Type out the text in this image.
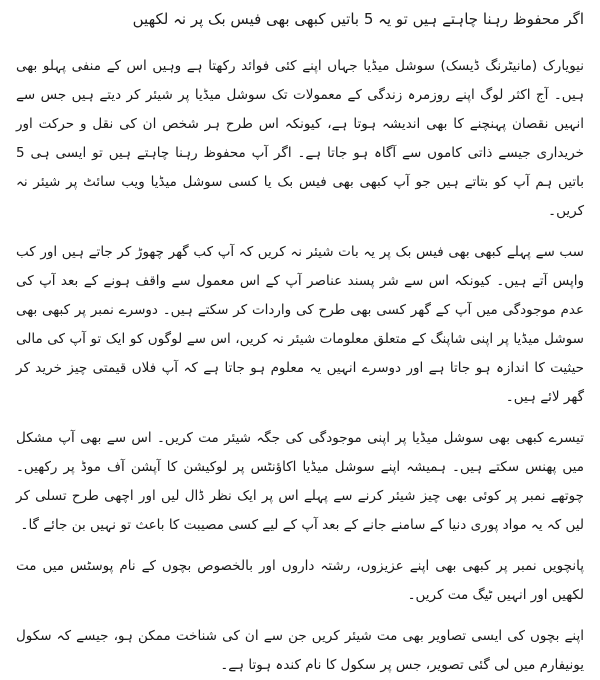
اگر محفوظ رہنا چاہتے ہیں تو یہ 5 باتیں کبھی بھی فیس بک پر نہ لکھیں

نیویارک (مانیٹرنگ ڈیسک) سوشل میڈیا جہاں اپنے کئی فوائد رکھتا ہے وہیں اس کے منفی پہلو بھی ہیں۔ آج اکثر لوگ اپنے روزمرہ زندگی کے معمولات تک سوشل میڈیا پر شیئر کر دیتے ہیں جس سے انہیں نقصان پہنچنے کا بھی اندیشہ ہوتا ہے، کیونکہ اس طرح ہر شخص ان کی نقل و حرکت اور خریداری جیسے ذاتی کاموں سے آگاہ ہو جاتا ہے۔ اگر آپ محفوظ رہنا چاہتے ہیں تو ایسی ہی 5 باتیں ہم آپ کو بتاتے ہیں جو آپ کبھی بھی فیس بک یا کسی سوشل میڈیا ویب سائٹ پر شیئر نہ کریں۔

سب سے پہلے کبھی بھی فیس بک پر یہ بات شیئر نہ کریں کہ آپ کب گھر چھوڑ کر جاتے ہیں اور کب واپس آتے ہیں۔ کیونکہ اس سے شر پسند عناصر آپ کے اس معمول سے واقف ہونے کے بعد آپ کی عدم موجودگی میں آپ کے گھر کسی بھی طرح کی واردات کر سکتے ہیں۔ دوسرے نمبر پر کبھی بھی سوشل میڈیا پر اپنی شاپنگ کے متعلق معلومات شیئر نہ کریں، اس سے لوگوں کو ایک تو آپ کی مالی حیثیت کا اندازہ ہو جاتا ہے اور دوسرے انہیں یہ معلوم ہو جاتا ہے کہ آپ فلاں قیمتی چیز خرید کر گھر لائے ہیں۔

تیسرے کبھی بھی سوشل میڈیا پر اپنی موجودگی کی جگہ شیئر مت کریں۔ اس سے بھی آپ مشکل میں پھنس سکتے ہیں۔ ہمیشہ اپنے سوشل میڈیا اکاؤنٹس پر لوکیشن کا آپشن آف موڈ پر رکھیں۔ چوتھے نمبر پر کوئی بھی چیز شیئر کرنے سے پہلے اس پر ایک نظر ڈال لیں اور اچھی طرح تسلی کر لیں کہ یہ مواد پوری دنیا کے سامنے جانے کے بعد آپ کے لیے کسی مصیبت کا باعث تو نہیں بن جائے گا۔

پانچویں نمبر پر کبھی بھی اپنے عزیزوں، رشتہ داروں اور بالخصوص بچوں کے نام پوسٹس میں مت لکھیں اور انہیں ٹیگ مت کریں۔

اپنے بچوں کی ایسی تصاویر بھی مت شیئر کریں جن سے ان کی شناخت ممکن ہو، جیسے کہ سکول یونیفارم میں لی گئی تصویر، جس پر سکول کا نام کندہ ہوتا ہے۔
